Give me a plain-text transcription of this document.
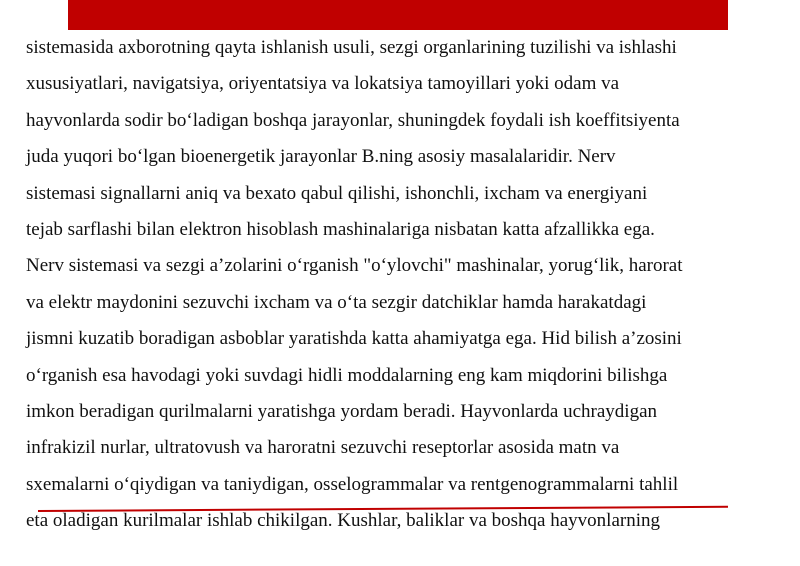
sistemasida axborotning qayta ishlanish usuli, sezgi organlarining tuzilishi va ishlashi
xususiyatlari, navigatsiya, oriyentatsiya va lokatsiya tamoyillari yoki odam va
hayvonlarda sodir boʻladigan boshqa jarayonlar, shuningdek foydali ish koeffitsiyenta
juda yuqori boʻlgan bioenergetik jarayonlar B.ning asosiy masalalaridir. Nerv
sistemasi signallarni aniq va bexato qabul qilishi, ishonchli, ixcham va energiyani
tejab sarflashi bilan elektron hisoblash mashinalariga nisbatan katta afzallikka ega.
Nerv sistemasi va sezgi aʼzolarini oʻrganish "oʻylovchi" mashinalar, yorugʻlik, harorat
va elektr maydonini sezuvchi ixcham va oʻta sezgir datchiklar hamda harakatdagi
jismni kuzatib boradigan asboblar yaratishda katta ahamiyatga ega. Hid bilish aʼzosini
oʻrganish esa havodagi yoki suvdagi hidli moddalarning eng kam miqdorini bilishga
imkon beradigan qurilmalarni yaratishga yordam beradi. Hayvonlarda uchraydigan
infrakizil nurlar, ultratovush va haroratni sezuvchi reseptorlar asosida matn va
sxemalarni oʻqiydigan va taniydigan, osselogrammalar va rentgenogrammalarni tahlil
eta oladigan kurilmalar ishlab chikilgan. Kushlar, baliklar va boshqa hayvonlarning
